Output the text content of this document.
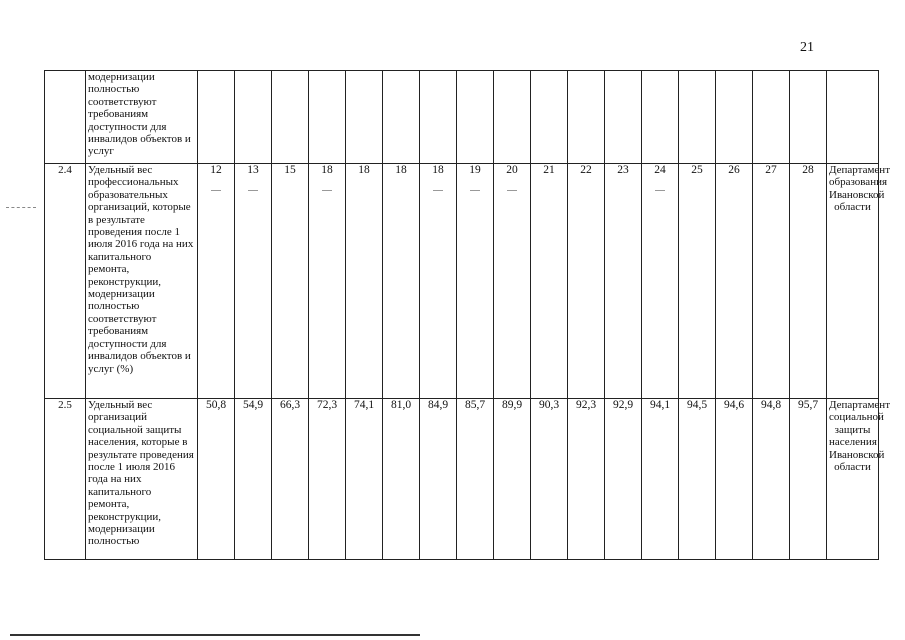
21
	модернизации полностью соответствуют требованиям доступности для инвалидов объектов и услуг																		
2.4	Удельный вес профессиональных образовательных организаций, которые в результате проведения после 1 июля 2016 года на них капитального ремонта, реконструкции, модернизации полностью соответствуют требованиям доступности для инвалидов объектов и услуг (%)	12	13	15	18	18	18	18	19	20	21	22	23	24	25	26	27	28	Департамент образования Ивановской области
2.5	Удельный вес организаций социальной защиты населения, которые в результате проведения после 1 июля 2016 года на них капитального ремонта, реконструкции, модернизации полностью	50,8	54,9	66,3	72,3	74,1	81,0	84,9	85,7	89,9	90,3	92,3	92,9	94,1	94,5	94,6	94,8	95,7	Департамент социальной защиты населения Ивановской области
